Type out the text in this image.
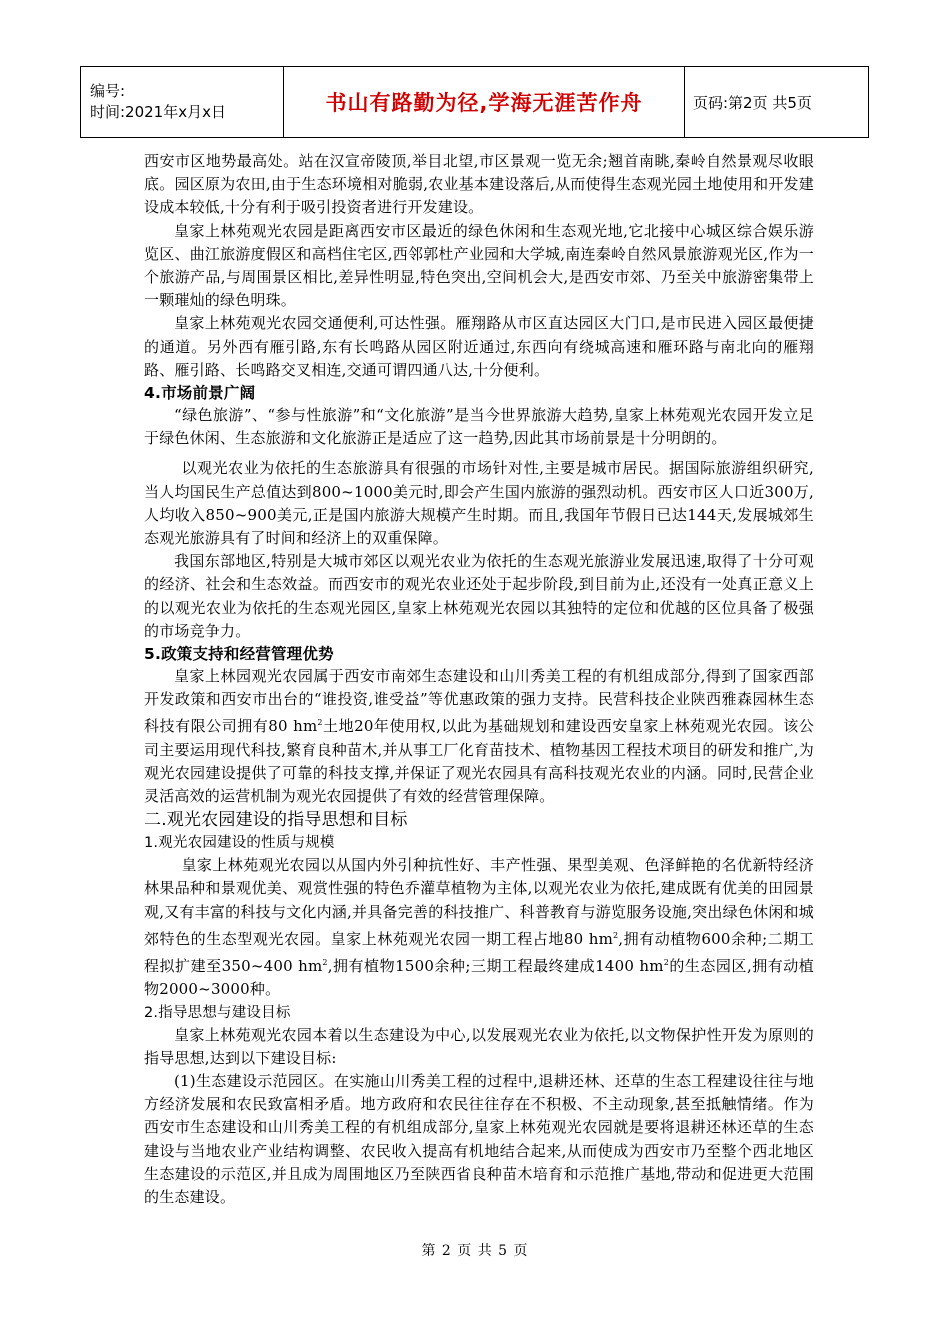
编号:
时间:2021年x月x日	书山有路勤为径,学海无涯苦作舟	页码:第2页 共5页

西安市区地势最高处。站在汉宣帝陵顶,举目北望,市区景观一览无余;翘首南眺,秦岭自然景观尽收眼底。园区原为农田,由于生态环境相对脆弱,农业基本建设落后,从而使得生态观光园土地使用和开发建设成本较低,十分有利于吸引投资者进行开发建设。

皇家上林苑观光农园是距离西安市区最近的绿色休闲和生态观光地,它北接中心城区综合娱乐游览区、曲江旅游度假区和高档住宅区,西邻郭杜产业园和大学城,南连秦岭自然风景旅游观光区,作为一个旅游产品,与周围景区相比,差异性明显,特色突出,空间机会大,是西安市郊、乃至关中旅游密集带上一颗璀灿的绿色明珠。

皇家上林苑观光农园交通便利,可达性强。雁翔路从市区直达园区大门口,是市民进入园区最便捷的通道。另外西有雁引路,东有长鸣路从园区附近通过,东西向有绕城高速和雁环路与南北向的雁翔路、雁引路、长鸣路交叉相连,交通可谓四通八达,十分便利。

4.市场前景广阔

“绿色旅游”、“参与性旅游”和“文化旅游”是当今世界旅游大趋势,皇家上林苑观光农园开发立足于绿色休闲、生态旅游和文化旅游正是适应了这一趋势,因此其市场前景是十分明朗的。

以观光农业为依托的生态旅游具有很强的市场针对性,主要是城市居民。据国际旅游组织研究,当人均国民生产总值达到800~1000美元时,即会产生国内旅游的强烈动机。西安市区人口近300万,人均收入850~900美元,正是国内旅游大规模产生时期。而且,我国年节假日已达144天,发展城郊生态观光旅游具有了时间和经济上的双重保障。

我国东部地区,特别是大城市郊区以观光农业为依托的生态观光旅游业发展迅速,取得了十分可观的经济、社会和生态效益。而西安市的观光农业还处于起步阶段,到目前为止,还没有一处真正意义上的以观光农业为依托的生态观光园区,皇家上林苑观光农园以其独特的定位和优越的区位具备了极强的市场竞争力。

5.政策支持和经营管理优势

皇家上林园观光农园属于西安市南郊生态建设和山川秀美工程的有机组成部分,得到了国家西部开发政策和西安市出台的“谁投资,谁受益”等优惠政策的强力支持。民营科技企业陕西雅森园林生态科技有限公司拥有80 $hm^2$土地20年使用权,以此为基础规划和建设西安皇家上林苑观光农园。该公司主要运用现代科技,繁育良种苗木,并从事工厂化育苗技术、植物基因工程技术项目的研发和推广,为观光农园建设提供了可靠的科技支撑,并保证了观光农园具有高科技观光农业的内涵。同时,民营企业灵活高效的运营机制为观光农园提供了有效的经营管理保障。

二.观光农园建设的指导思想和目标

1.观光农园建设的性质与规模

皇家上林苑观光农园以从国内外引种抗性好、丰产性强、果型美观、色泽鲜艳的名优新特经济林果品种和景观优美、观赏性强的特色乔灌草植物为主体,以观光农业为依托,建成既有优美的田园景观,又有丰富的科技与文化内涵,并具备完善的科技推广、科普教育与游览服务设施,突出绿色休闲和城郊特色的生态型观光农园。皇家上林苑观光农园一期工程占地80 $hm^2$,拥有动植物600余种;二期工程拟扩建至350~400 $hm^2$,拥有植物1500余种;三期工程最终建成1400 $hm^2$的生态园区,拥有动植物2000~3000种。

2.指导思想与建设目标

皇家上林苑观光农园本着以生态建设为中心,以发展观光农业为依托,以文物保护性开发为原则的指导思想,达到以下建设目标:

(1)生态建设示范园区。在实施山川秀美工程的过程中,退耕还林、还草的生态工程建设往往与地方经济发展和农民致富相矛盾。地方政府和农民往往存在不积极、不主动现象,甚至抵触情绪。作为西安市生态建设和山川秀美工程的有机组成部分,皇家上林苑观光农园就是要将退耕还林还草的生态建设与当地农业产业结构调整、农民收入提高有机地结合起来,从而使成为西安市乃至整个西北地区生态建设的示范区,并且成为周围地区乃至陕西省良种苗木培育和示范推广基地,带动和促进更大范围的生态建设。

第 2 页 共 5 页
